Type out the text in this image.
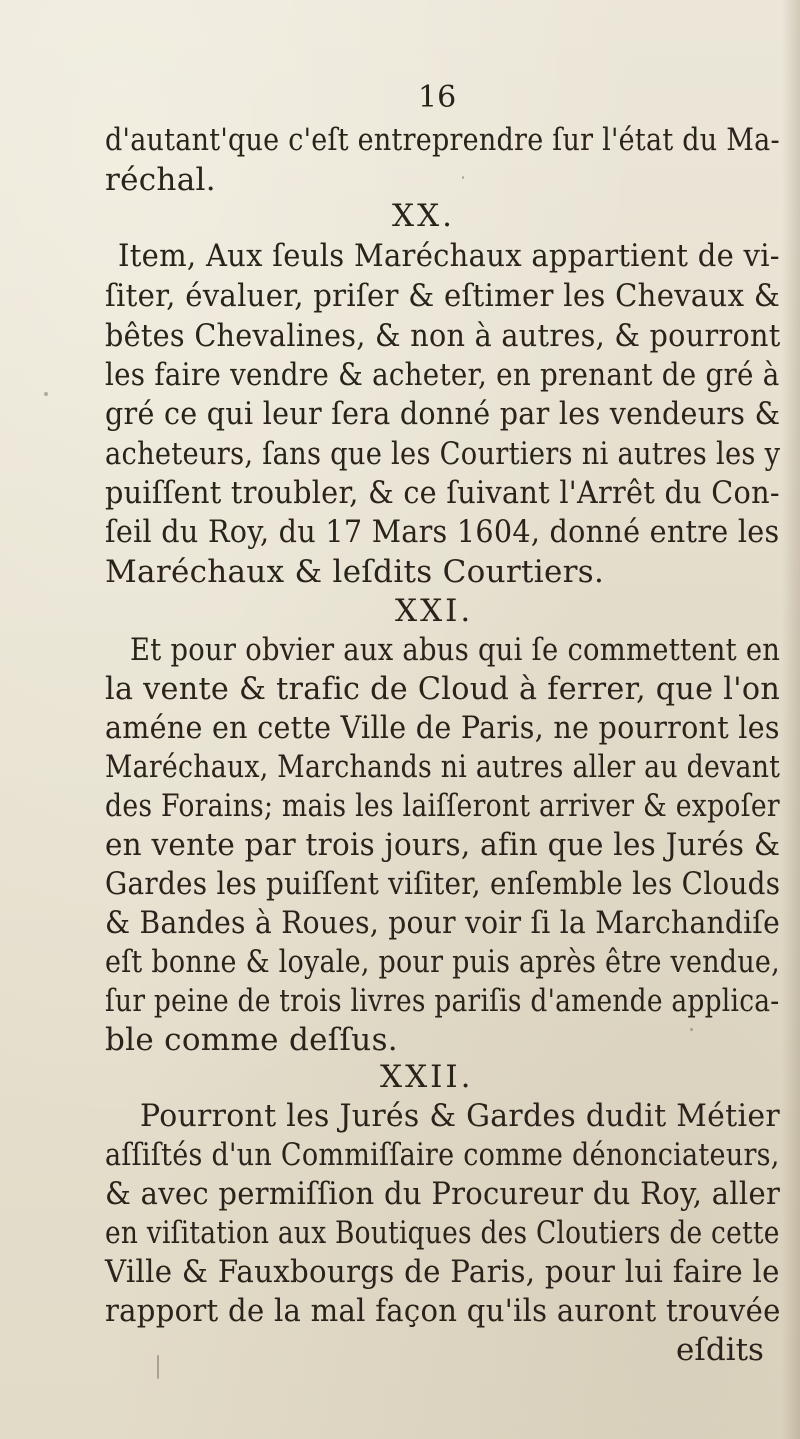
16
d'autant'que c'eſt entreprendre ſur l'état du Ma-
réchal.
XX.
Item, Aux ſeuls Maréchaux appartient de vi-
ſiter, évaluer, priſer & eſtimer les Chevaux &
bêtes Chevalines, & non à autres, & pourront
les faire vendre & acheter, en prenant de gré à
gré ce qui leur ſera donné par les vendeurs &
acheteurs, ſans que les Courtiers ni autres les y
puiſſent troubler, & ce ſuivant l'Arrêt du Con-
ſeil du Roy, du 17 Mars 1604, donné entre les
Maréchaux & leſdits Courtiers.
XXI.
Et pour obvier aux abus qui ſe commettent en
la vente & trafic de Cloud à ferrer, que l'on
améne en cette Ville de Paris, ne pourront les
Maréchaux, Marchands ni autres aller au devant
des Forains; mais les laiſſeront arriver & expoſer
en vente par trois jours, afin que les Jurés &
Gardes les puiſſent viſiter, enſemble les Clouds
& Bandes à Roues, pour voir ſi la Marchandiſe
eſt bonne & loyale, pour puis après être vendue,
ſur peine de trois livres pariſis d'amende applica-
ble comme deſſus.
XXII.
Pourront les Jurés & Gardes dudit Métier
aſſiſtés d'un Commiſſaire comme dénonciateurs,
& avec permiſſion du Procureur du Roy, aller
en viſitation aux Boutiques des Cloutiers de cette
Ville & Fauxbourgs de Paris, pour lui faire le
rapport de la mal façon qu'ils auront trouvée
eſdits
